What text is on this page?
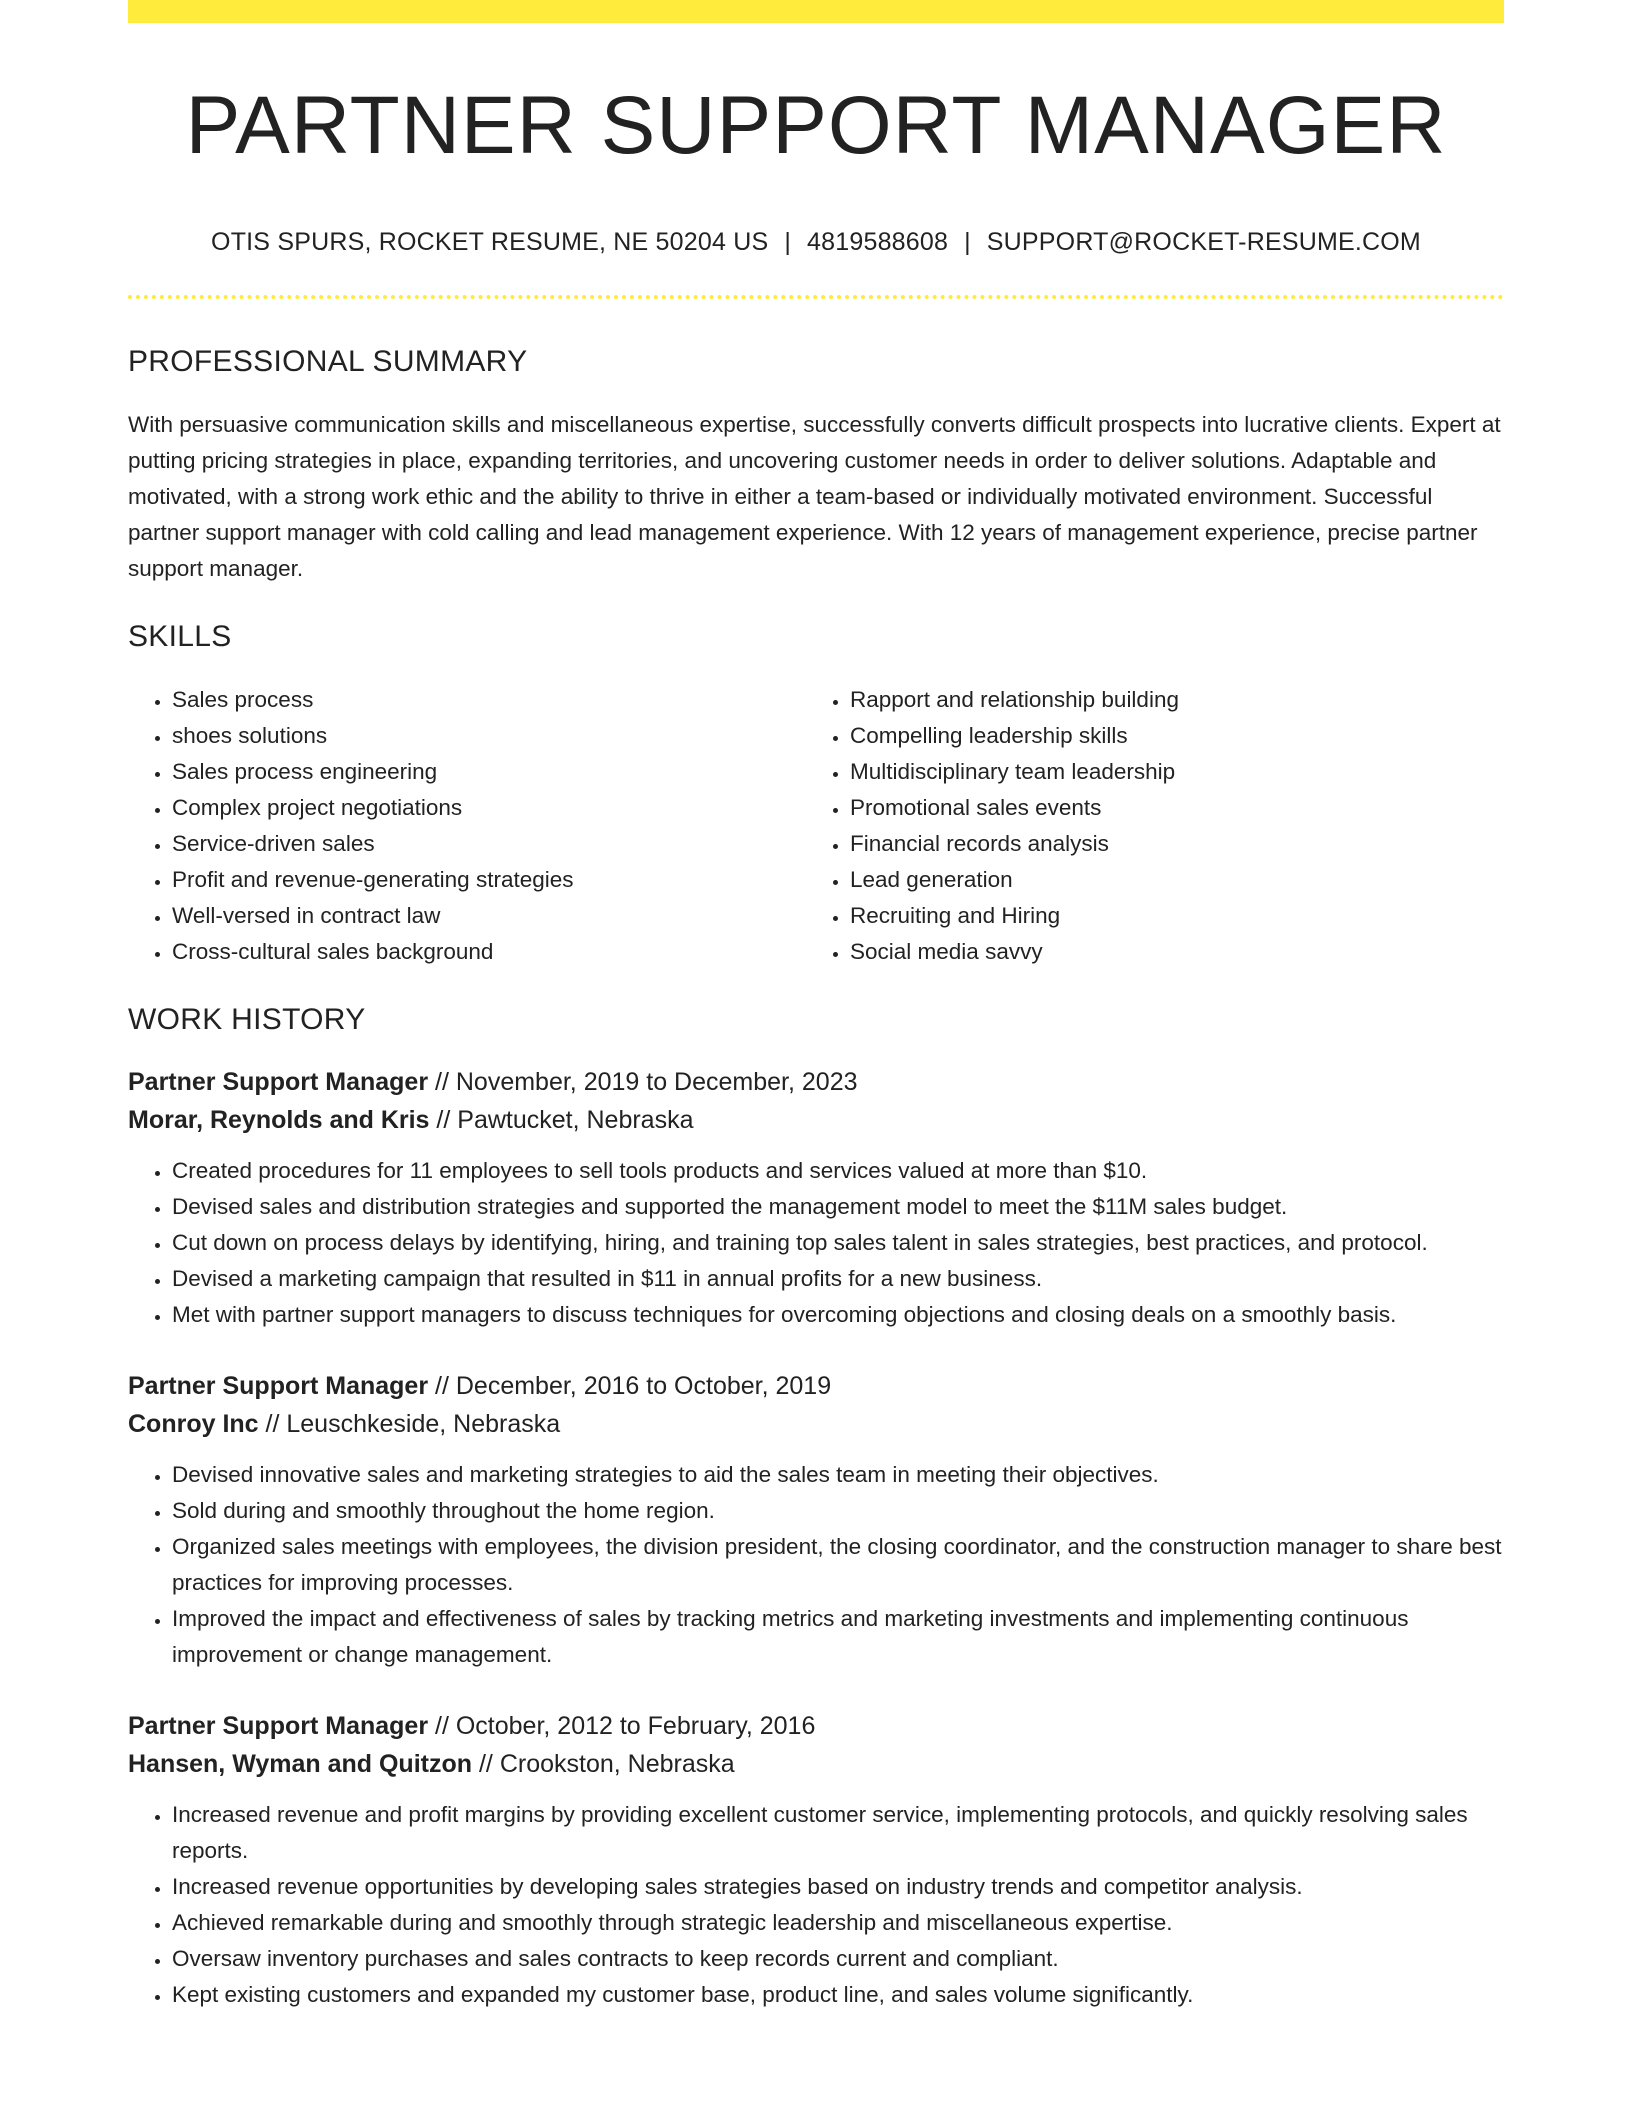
PARTNER SUPPORT MANAGER
OTIS SPURS, ROCKET RESUME, NE 50204 US | 4819588608 | SUPPORT@ROCKET-RESUME.COM
PROFESSIONAL SUMMARY

With persuasive communication skills and miscellaneous expertise, successfully converts difficult prospects into lucrative clients. Expert at putting pricing strategies in place, expanding territories, and uncovering customer needs in order to deliver solutions. Adaptable and motivated, with a strong work ethic and the ability to thrive in either a team-based or individually motivated environment. Successful partner support manager with cold calling and lead management experience. With 12 years of management experience, precise partner support manager.

SKILLS
• Sales process
• shoes solutions
• Sales process engineering
• Complex project negotiations
• Service-driven sales
• Profit and revenue-generating strategies
• Well-versed in contract law
• Cross-cultural sales background
• Rapport and relationship building
• Compelling leadership skills
• Multidisciplinary team leadership
• Promotional sales events
• Financial records analysis
• Lead generation
• Recruiting and Hiring
• Social media savvy
WORK HISTORY
Partner Support Manager // November, 2019 to December, 2023
Morar, Reynolds and Kris // Pawtucket, Nebraska
• Created procedures for 11 employees to sell tools products and services valued at more than $10.
• Devised sales and distribution strategies and supported the management model to meet the $11M sales budget.
• Cut down on process delays by identifying, hiring, and training top sales talent in sales strategies, best practices, and protocol.
• Devised a marketing campaign that resulted in $11 in annual profits for a new business.
• Met with partner support managers to discuss techniques for overcoming objections and closing deals on a smoothly basis.
Partner Support Manager // December, 2016 to October, 2019
Conroy Inc // Leuschkeside, Nebraska
• Devised innovative sales and marketing strategies to aid the sales team in meeting their objectives.
• Sold during and smoothly throughout the home region.
• Organized sales meetings with employees, the division president, the closing coordinator, and the construction manager to share best practices for improving processes.
• Improved the impact and effectiveness of sales by tracking metrics and marketing investments and implementing continuous improvement or change management.
Partner Support Manager // October, 2012 to February, 2016
Hansen, Wyman and Quitzon // Crookston, Nebraska
• Increased revenue and profit margins by providing excellent customer service, implementing protocols, and quickly resolving sales reports.
• Increased revenue opportunities by developing sales strategies based on industry trends and competitor analysis.
• Achieved remarkable during and smoothly through strategic leadership and miscellaneous expertise.
• Oversaw inventory purchases and sales contracts to keep records current and compliant.
• Kept existing customers and expanded my customer base, product line, and sales volume significantly.
